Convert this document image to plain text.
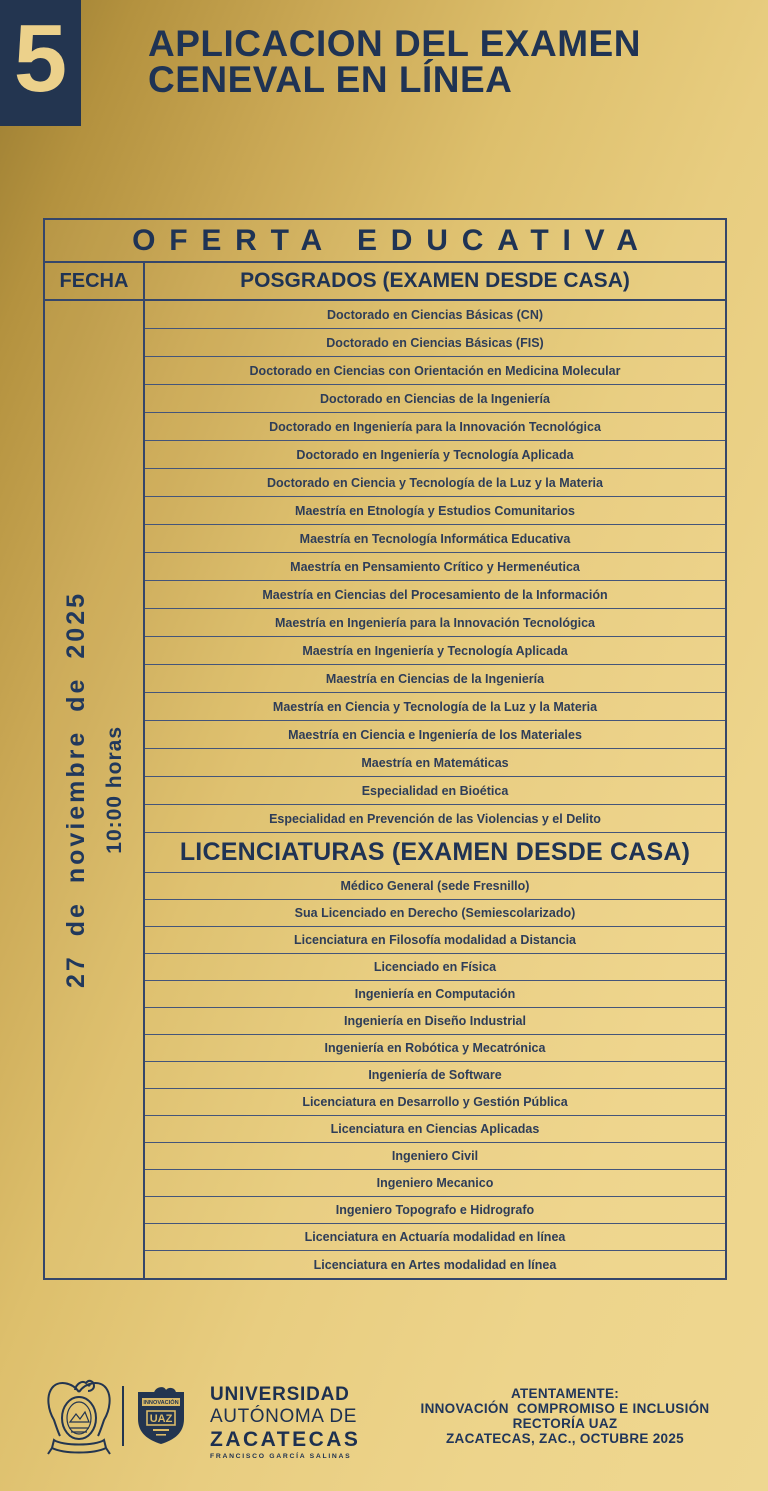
5 APLICACION DEL EXAMEN
CENEVAL EN LÍNEA
OFERTA EDUCATIVA
FECHA	POSGRADOS (EXAMEN DESDE CASA)
27 de noviembre de 2025 10:00 horas
Doctorado en Ciencias Básicas (CN)
Doctorado en Ciencias Básicas (FIS)
Doctorado en Ciencias con Orientación en Medicina Molecular
Doctorado en Ciencias de la Ingeniería
Doctorado en Ingeniería para la Innovación Tecnológica
Doctorado en Ingeniería y Tecnología Aplicada
Doctorado en Ciencia y Tecnología de la Luz y la Materia
Maestría en Etnología y Estudios Comunitarios
Maestría en Tecnología Informática Educativa
Maestría en Pensamiento Crítico y Hermenéutica
Maestría en Ciencias del Procesamiento de la Información
Maestría en Ingeniería para la Innovación Tecnológica
Maestría en Ingeniería y Tecnología Aplicada
Maestría en Ciencias de la Ingeniería
Maestría en Ciencia y Tecnología de la Luz y la Materia
Maestría en Ciencia e Ingeniería de los Materiales
Maestría en Matemáticas
Especialidad en Bioética
Especialidad en Prevención de las Violencias y el Delito
LICENCIATURAS (EXAMEN DESDE CASA)
Médico General (sede Fresnillo)
Sua Licenciado en Derecho (Semiescolarizado)
Licenciatura en Filosofía modalidad a Distancia
Licenciado en Física
Ingeniería en Computación
Ingeniería en Diseño Industrial
Ingeniería en Robótica y Mecatrónica
Ingeniería de Software
Licenciatura en Desarrollo y Gestión Pública
Licenciatura en Ciencias Aplicadas
Ingeniero Civil
Ingeniero Mecanico
Ingeniero Topografo e Hidrografo
Licenciatura en Actuaría modalidad en línea
Licenciatura en Artes modalidad en línea
INNOVACIÓN
UAZ
UNIVERSIDAD
AUTÓNOMA DE
ZACATECAS
FRANCISCO GARCÍA SALINAS
ATENTAMENTE:
INNOVACIÓN  COMPROMISO E INCLUSIÓN
RECTORÍA UAZ
ZACATECAS, ZAC., OCTUBRE 2025
